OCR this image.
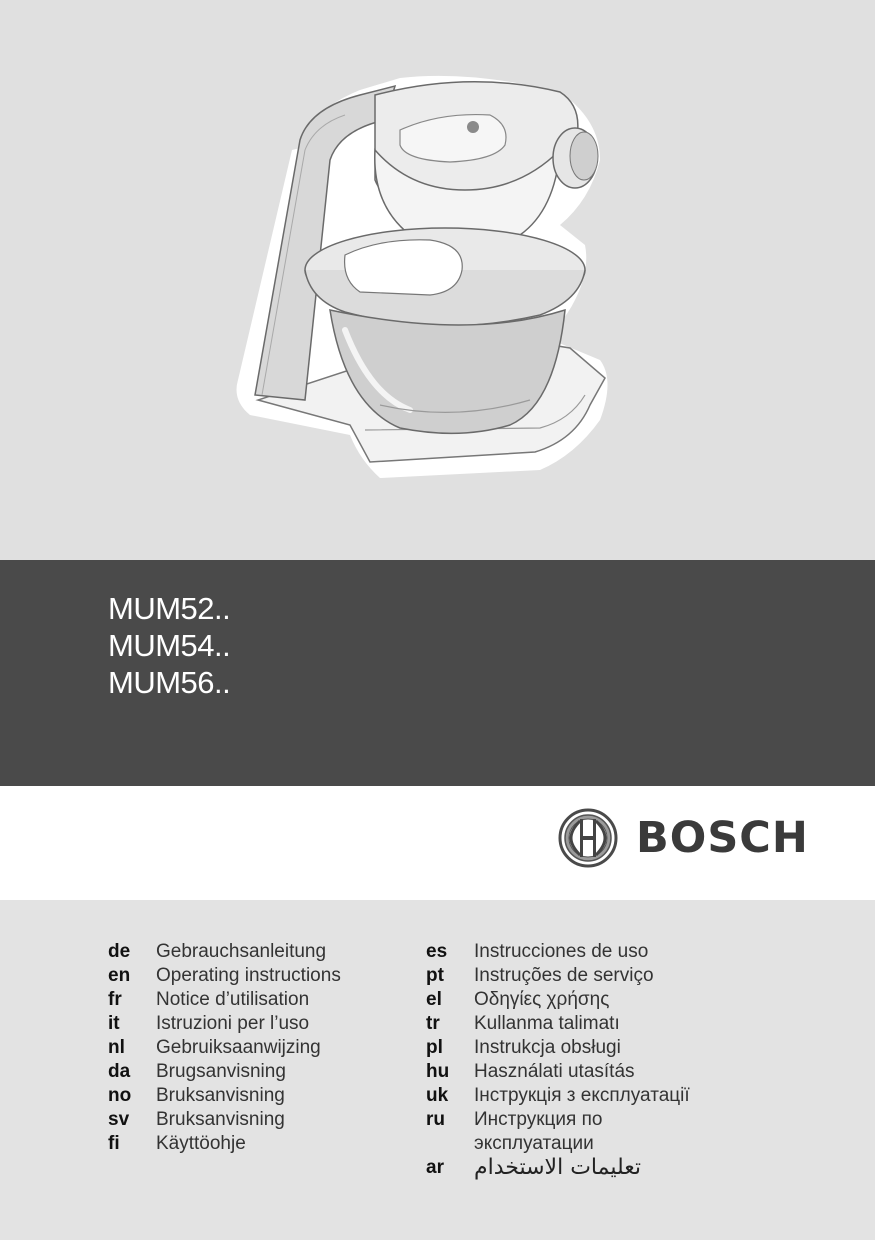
MUM52..
MUM54..
MUM56..
BOSCH
de	Gebrauchsanleitung
en	Operating instructions
fr	Notice d’utilisation
it	Istruzioni per l’uso
nl	Gebruiksaanwijzing
da	Brugsanvisning
no	Bruksanvisning
sv	Bruksanvisning
fi	Käyttöohje
es	Instrucciones de uso
pt	Instruções de serviço
el	Οδηγίες χρήσης
tr	Kullanma talimatı
pl	Instrukcja obsługi
hu	Használati utasítás
uk	Інструкція з експлуатації
ru	Инструкция по
эксплуатации
ar	تعليمات الاستخدام
